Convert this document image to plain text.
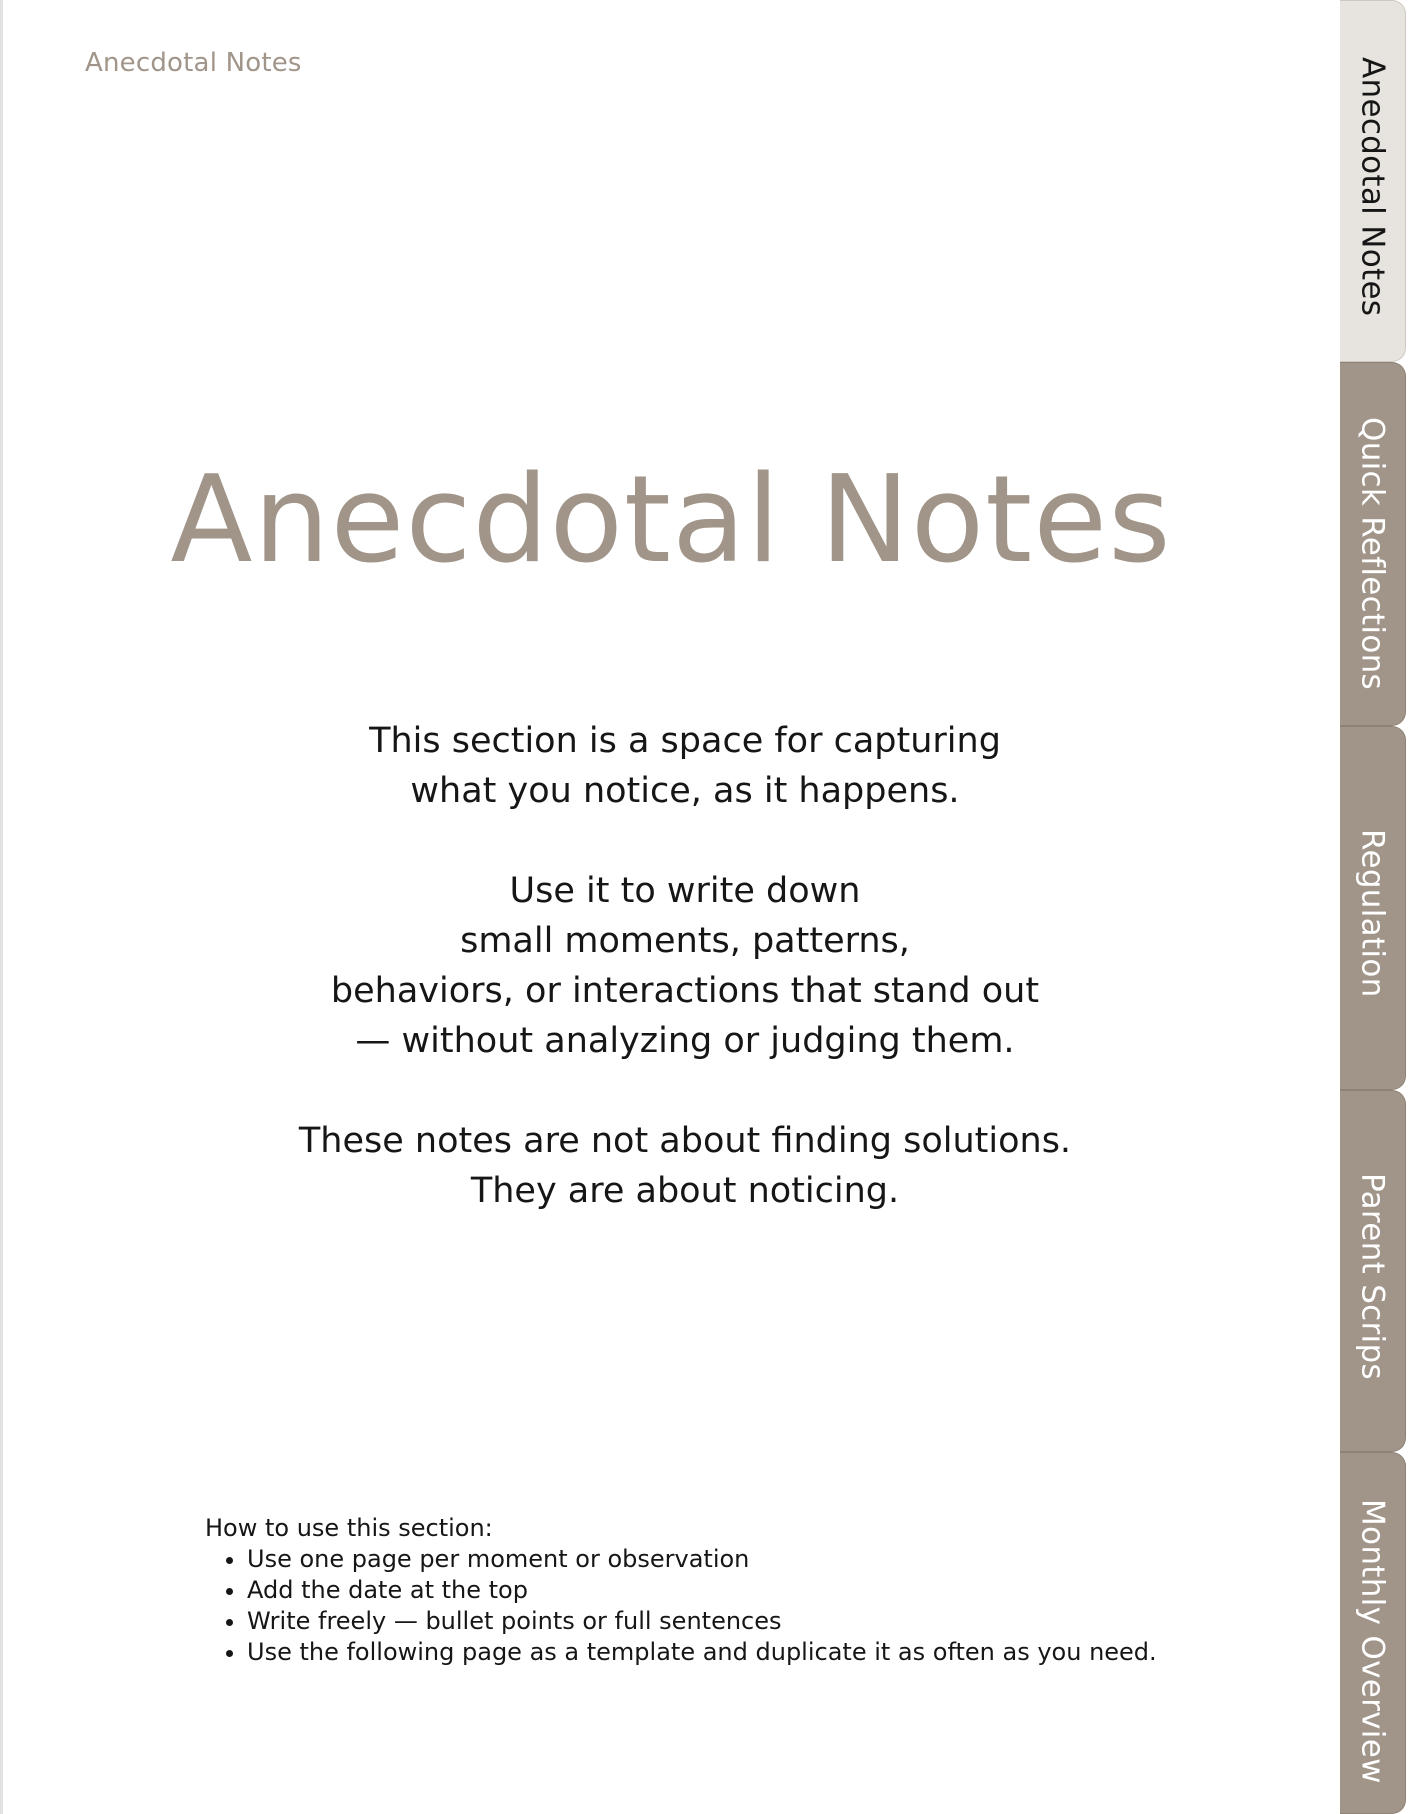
Anecdotal Notes
Anecdotal Notes
This section is a space for capturing
what you notice, as it happens.
Use it to write down
small moments, patterns,
behaviors, or interactions that stand out
— without analyzing or judging them.
These notes are not about finding solutions.
They are about noticing.
How to use this section:
• Use one page per moment or observation
• Add the date at the top
• Write freely — bullet points or full sentences
• Use the following page as a template and duplicate it as often as you need.
Anecdotal Notes
Quick Reflections
Regulation
Parent Scrips
Monthly Overview
